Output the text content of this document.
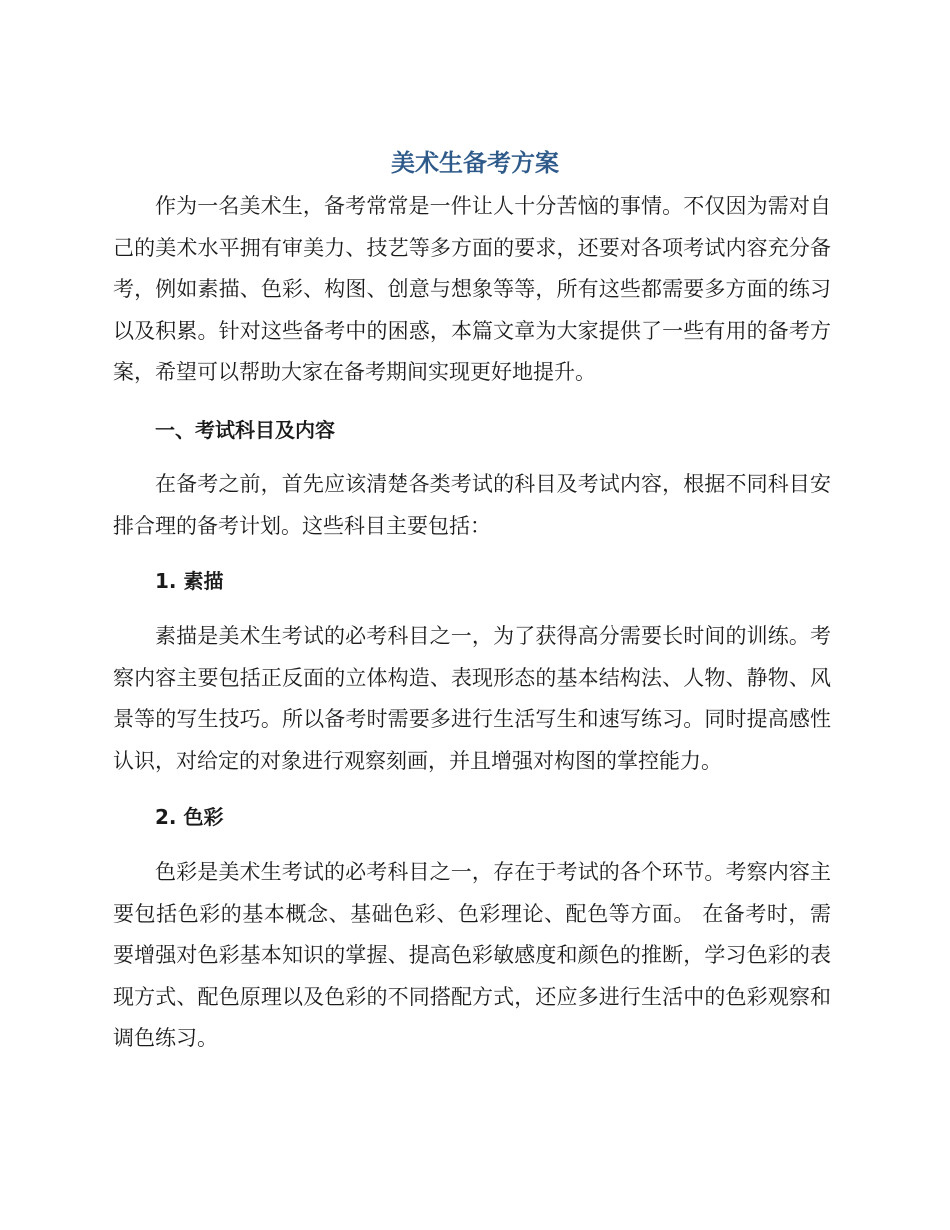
美术生备考方案

作为一名美术生，备考常常是一件让人十分苦恼的事情。不仅因为需对自己的美术水平拥有审美力、技艺等多方面的要求，还要对各项考试内容充分备考，例如素描、色彩、构图、创意与想象等等，所有这些都需要多方面的练习以及积累。针对这些备考中的困惑，本篇文章为大家提供了一些有用的备考方案，希望可以帮助大家在备考期间实现更好地提升。

一、考试科目及内容

在备考之前，首先应该清楚各类考试的科目及考试内容，根据不同科目安排合理的备考计划。这些科目主要包括：

1. 素描

素描是美术生考试的必考科目之一，为了获得高分需要长时间的训练。考察内容主要包括正反面的立体构造、表现形态的基本结构法、人物、静物、风景等的写生技巧。所以备考时需要多进行生活写生和速写练习。同时提高感性认识，对给定的对象进行观察刻画，并且增强对构图的掌控能力。

2. 色彩

色彩是美术生考试的必考科目之一，存在于考试的各个环节。考察内容主要包括色彩的基本概念、基础色彩、色彩理论、配色等方面。 在备考时，需要增强对色彩基本知识的掌握、提高色彩敏感度和颜色的推断，学习色彩的表现方式、配色原理以及色彩的不同搭配方式，还应多进行生活中的色彩观察和调色练习。
